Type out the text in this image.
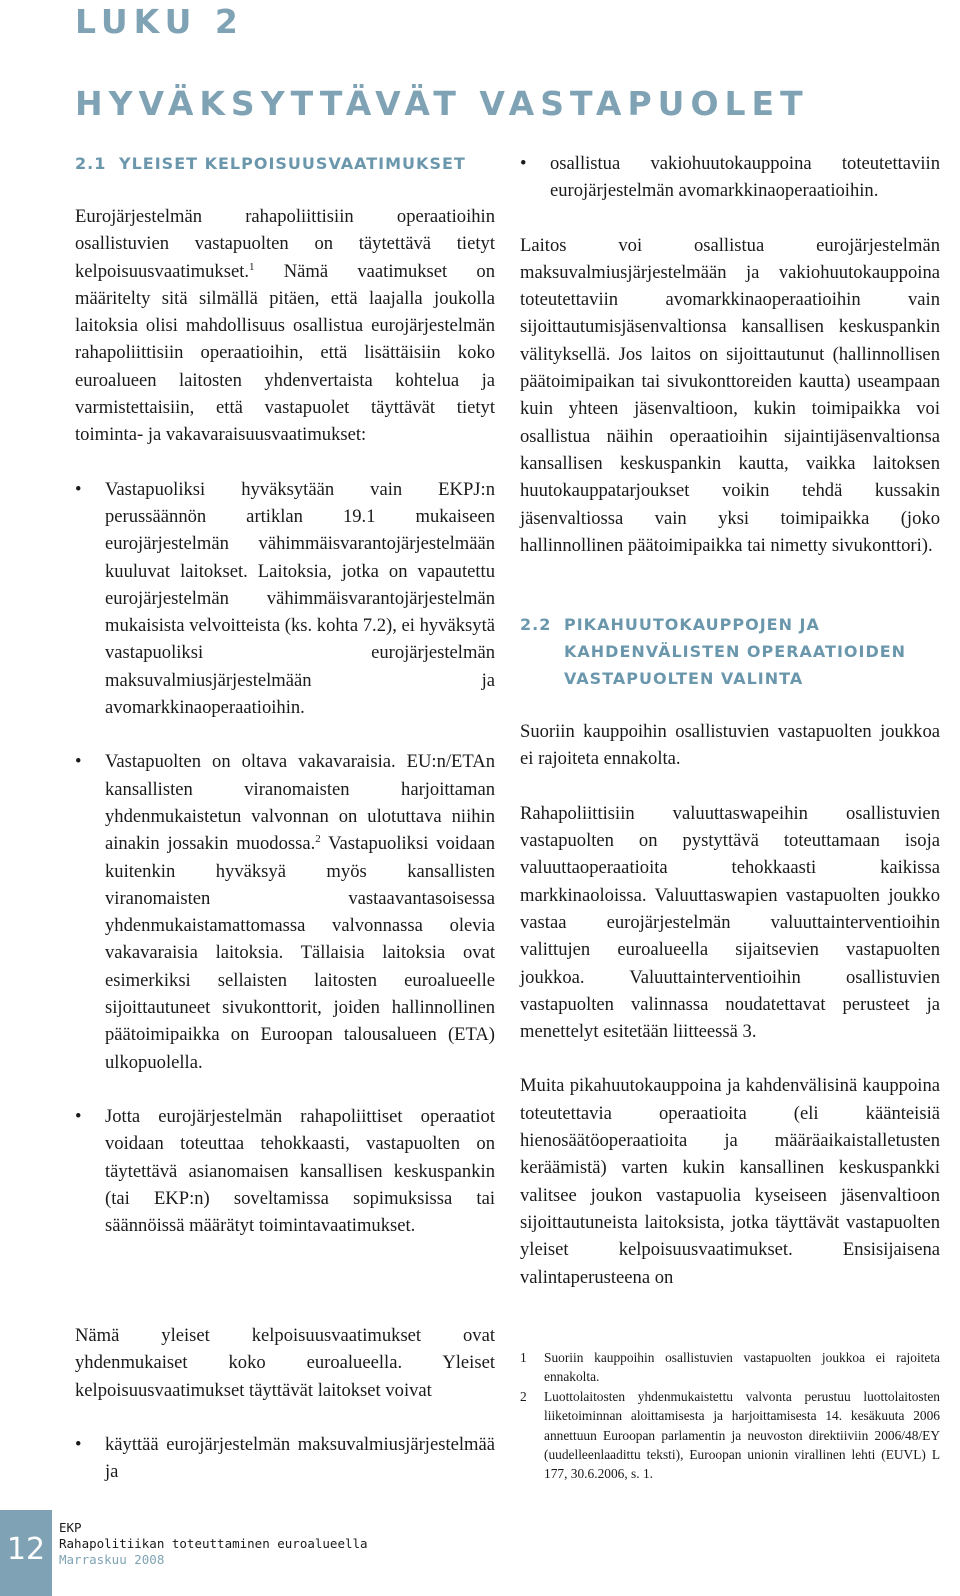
LUKU 2
HYVÄKSYTTÄVÄT VASTAPUOLET
2.1 YLEISET KELPOISUUSVAATIMUKSET

Eurojärjestelmän rahapoliittisiin operaatioihin osallistuvien vastapuolten on täytettävä tietyt kelpoisuusvaatimukset.$^1$ Nämä vaatimukset on määritelty sitä silmällä pitäen, että laajalla joukolla laitoksia olisi mahdollisuus osallistua eurojärjestelmän rahapoliittisiin operaatioihin, että lisättäisiin koko euroalueen laitosten yhdenvertaista kohtelua ja varmistettaisiin, että vastapuolet täyttävät tietyt toiminta- ja vakavaraisuusvaatimukset:

• Vastapuoliksi hyväksytään vain EKPJ:n perussäännön artiklan 19.1 mukaiseen eurojärjestelmän vähimmäisvarantojärjestelmään kuuluvat laitokset. Laitoksia, jotka on vapautettu eurojärjestelmän vähimmäisvarantojärjestelmän mukaisista velvoitteista (ks. kohta 7.2), ei hyväksytä vastapuoliksi eurojärjestelmän maksuvalmiusjärjestelmään ja avomarkkinaoperaatioihin.
• Vastapuolten on oltava vakavaraisia. EU:n/ETAn kansallisten viranomaisten harjoittaman yhdenmukaistetun valvonnan on ulotuttava niihin ainakin jossakin muodossa.$^2$ Vastapuoliksi voidaan kuitenkin hyväksyä myös kansallisten viranomaisten vastaavantasoisessa yhdenmukaistamattomassa valvonnassa olevia vakavaraisia laitoksia. Tällaisia laitoksia ovat esimerkiksi sellaisten laitosten euroalueelle sijoittautuneet sivukonttorit, joiden hallinnollinen päätoimipaikka on Euroopan talousalueen (ETA) ulkopuolella.
• Jotta eurojärjestelmän rahapoliittiset operaatiot voidaan toteuttaa tehokkaasti, vastapuolten on täytettävä asianomaisen kansallisen keskuspankin (tai EKP:n) soveltamissa sopimuksissa tai säännöissä määrätyt toimintavaatimukset.

Nämä yleiset kelpoisuusvaatimukset ovat yhdenmukaiset koko euroalueella. Yleiset kelpoisuusvaatimukset täyttävät laitokset voivat

• käyttää eurojärjestelmän maksuvalmiusjärjestelmää ja
• osallistua vakiohuutokauppoina toteutettaviin eurojärjestelmän avomarkkinaoperaatioihin.

Laitos voi osallistua eurojärjestelmän maksuvalmiusjärjestelmään ja vakiohuutokauppoina toteutettaviin avomarkkinaoperaatioihin vain sijoittautumisjäsenvaltionsa kansallisen keskuspankin välityksellä. Jos laitos on sijoittautunut (hallinnollisen päätoimipaikan tai sivukonttoreiden kautta) useampaan kuin yhteen jäsenvaltioon, kukin toimipaikka voi osallistua näihin operaatioihin sijaintijäsenvaltionsa kansallisen keskuspankin kautta, vaikka laitoksen huutokauppatarjoukset voikin tehdä kussakin jäsenvaltiossa vain yksi toimipaikka (joko hallinnollinen päätoimipaikka tai nimetty sivukonttori).

2.2 PIKAHUUTOKAUPPOJEN JA KAHDENVÄLISTEN OPERAATIOIDEN VASTAPUOLTEN VALINTA

Suoriin kauppoihin osallistuvien vastapuolten joukkoa ei rajoiteta ennakolta.

Rahapoliittisiin valuuttaswapeihin osallistuvien vastapuolten on pystyttävä toteuttamaan isoja valuuttaoperaatioita tehokkaasti kaikissa markkinaoloissa. Valuuttaswapien vastapuolten joukko vastaa eurojärjestelmän valuuttainterventioihin valittujen euroalueella sijaitsevien vastapuolten joukkoa. Valuuttainterventioihin osallistuvien vastapuolten valinnassa noudatettavat perusteet ja menettelyt esitetään liitteessä 3.

Muita pikahuutokauppoina ja kahdenvälisinä kauppoina toteutettavia operaatioita (eli käänteisiä hienosäätöoperaatioita ja määräaikaistalletusten keräämistä) varten kukin kansallinen keskuspankki valitsee joukon vastapuolia kyseiseen jäsenvaltioon sijoittautuneista laitoksista, jotka täyttävät vastapuolten yleiset kelpoisuusvaatimukset. Ensisijaisena valintaperusteena on

1	Suoriin kauppoihin osallistuvien vastapuolten joukkoa ei rajoiteta ennakolta.
2	Luottolaitosten yhdenmukaistettu valvonta perustuu luottolaitosten liiketoiminnan aloittamisesta ja harjoittamisesta 14. kesäkuuta 2006 annettuun Euroopan parlamentin ja neuvoston direktiiviin 2006/48/EY (uudelleenlaadittu teksti), Euroopan unionin virallinen lehti (EUVL) L 177, 30.6.2006, s. 1.
12
EKP
Rahapolitiikan toteuttaminen euroalueella
Marraskuu 2008
